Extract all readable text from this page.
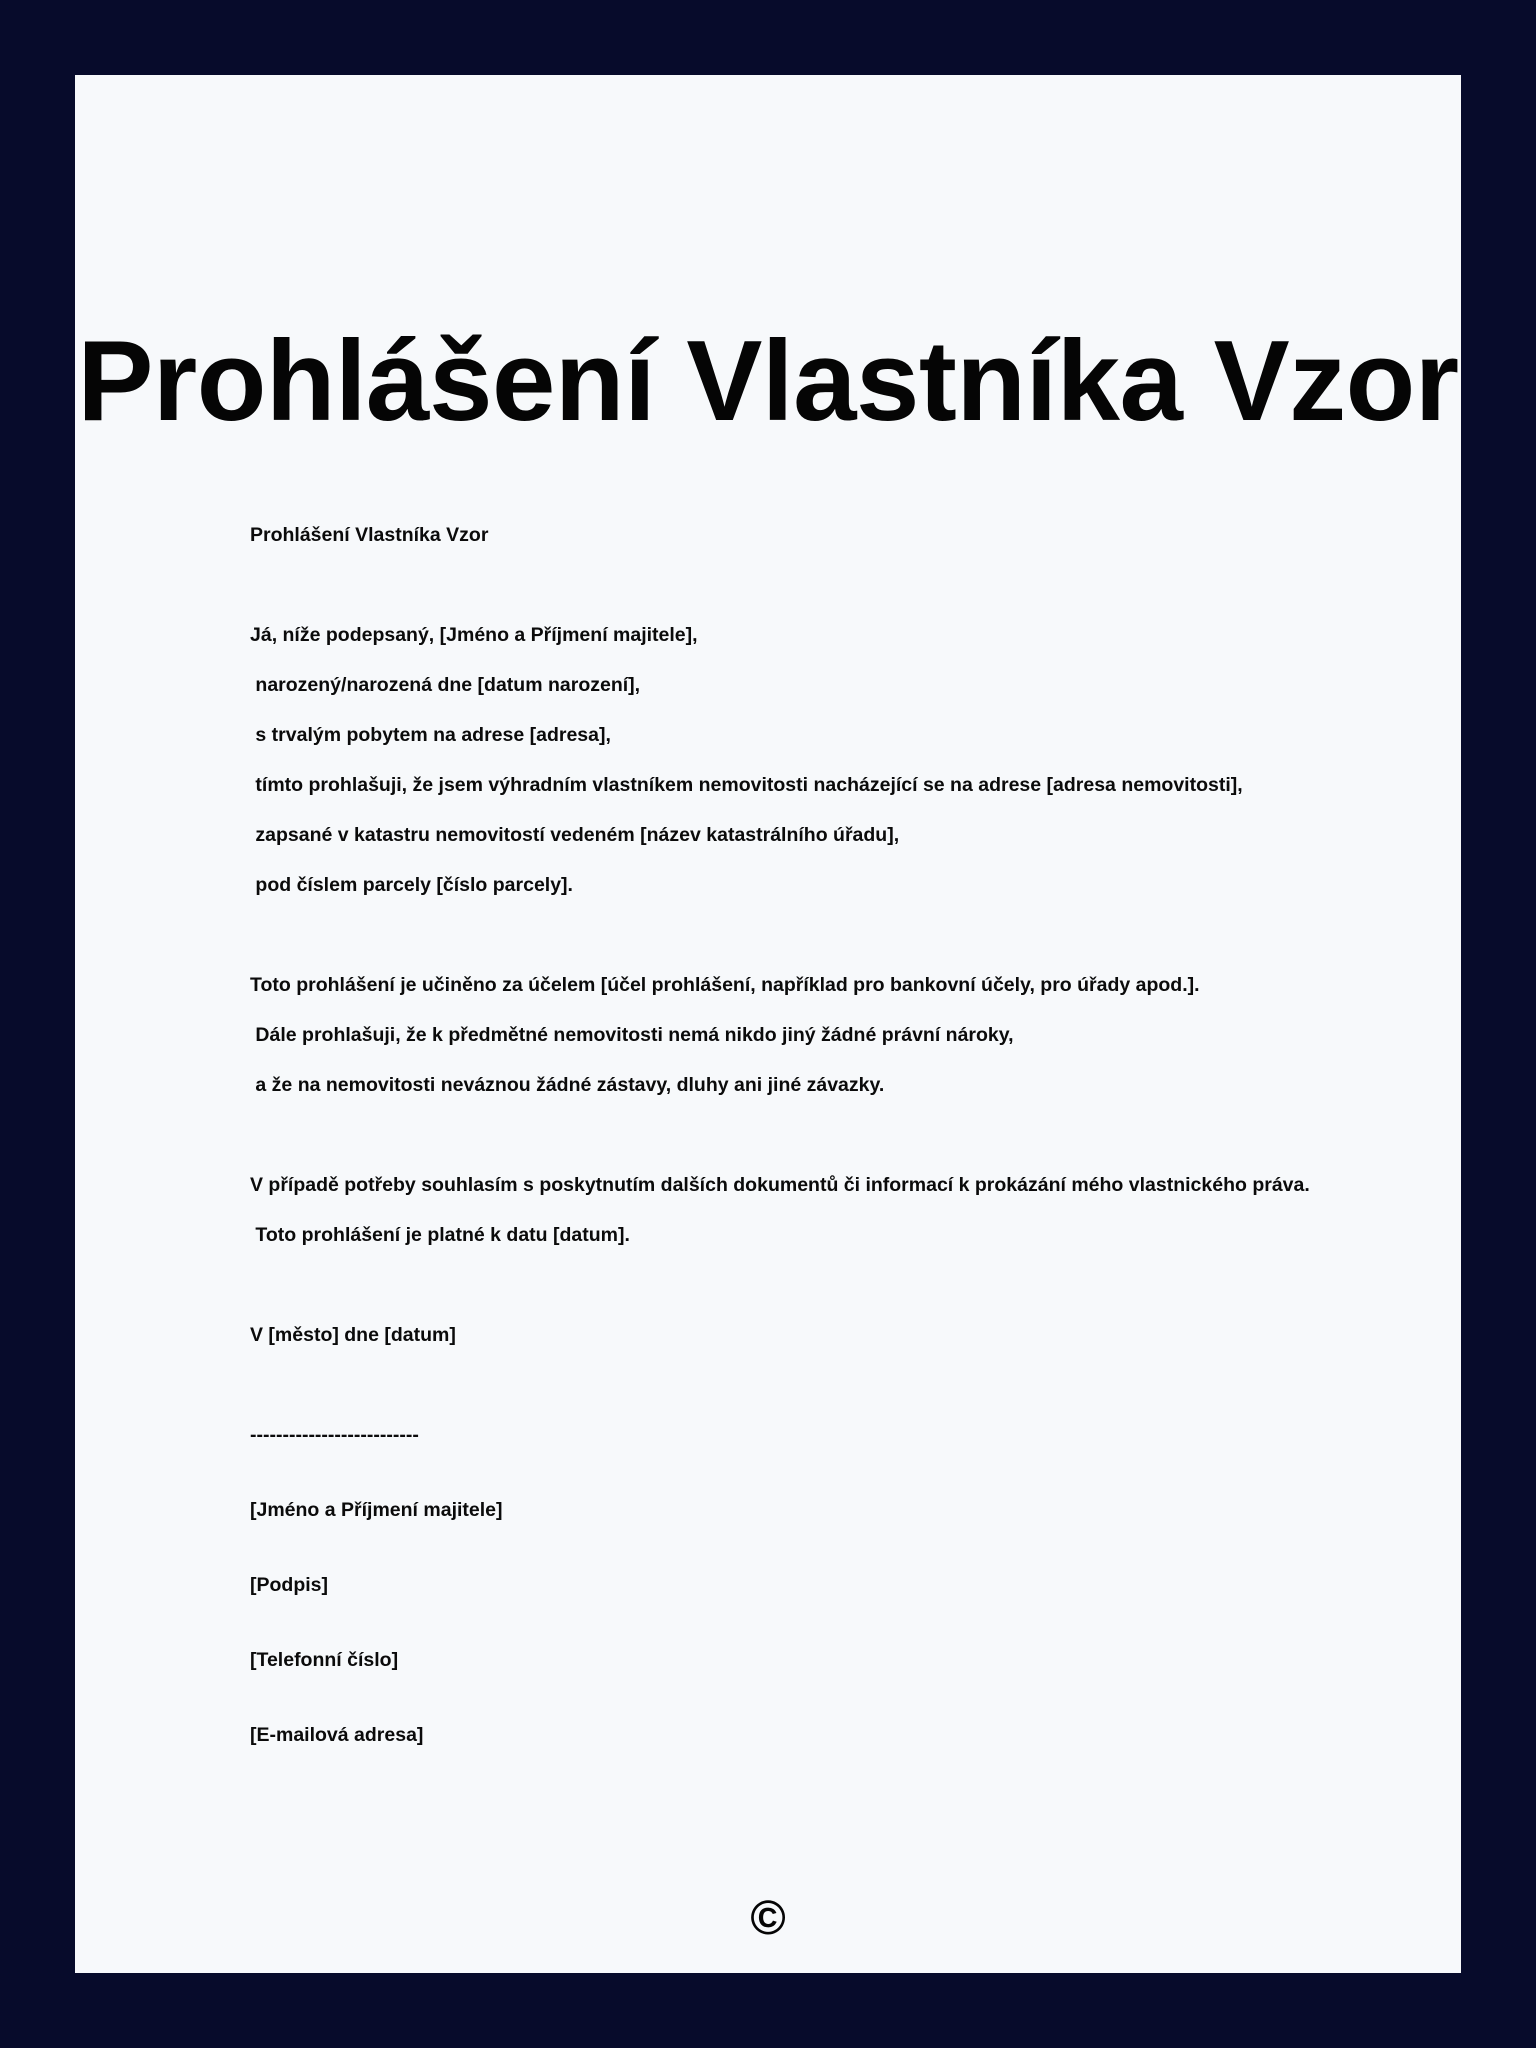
Prohlášení Vlastníka Vzor

Prohlášení Vlastníka Vzor

Já, níže podepsaný, [Jméno a Příjmení majitele],

narozený/narozená dne [datum narození],

s trvalým pobytem na adrese [adresa],

tímto prohlašuji, že jsem výhradním vlastníkem nemovitosti nacházející se na adrese [adresa nemovitosti],

zapsané v katastru nemovitostí vedeném [název katastrálního úřadu],

pod číslem parcely [číslo parcely].

Toto prohlášení je učiněno za účelem [účel prohlášení, například pro bankovní účely, pro úřady apod.].

Dále prohlašuji, že k předmětné nemovitosti nemá nikdo jiný žádné právní nároky,

a že na nemovitosti neváznou žádné zástavy, dluhy ani jiné závazky.

V případě potřeby souhlasím s poskytnutím dalších dokumentů či informací k prokázání mého vlastnického práva.

Toto prohlášení je platné k datu [datum].

V [město] dne [datum]

--------------------------

[Jméno a Příjmení majitele]

[Podpis]

[Telefonní číslo]

[E-mailová adresa]

©
